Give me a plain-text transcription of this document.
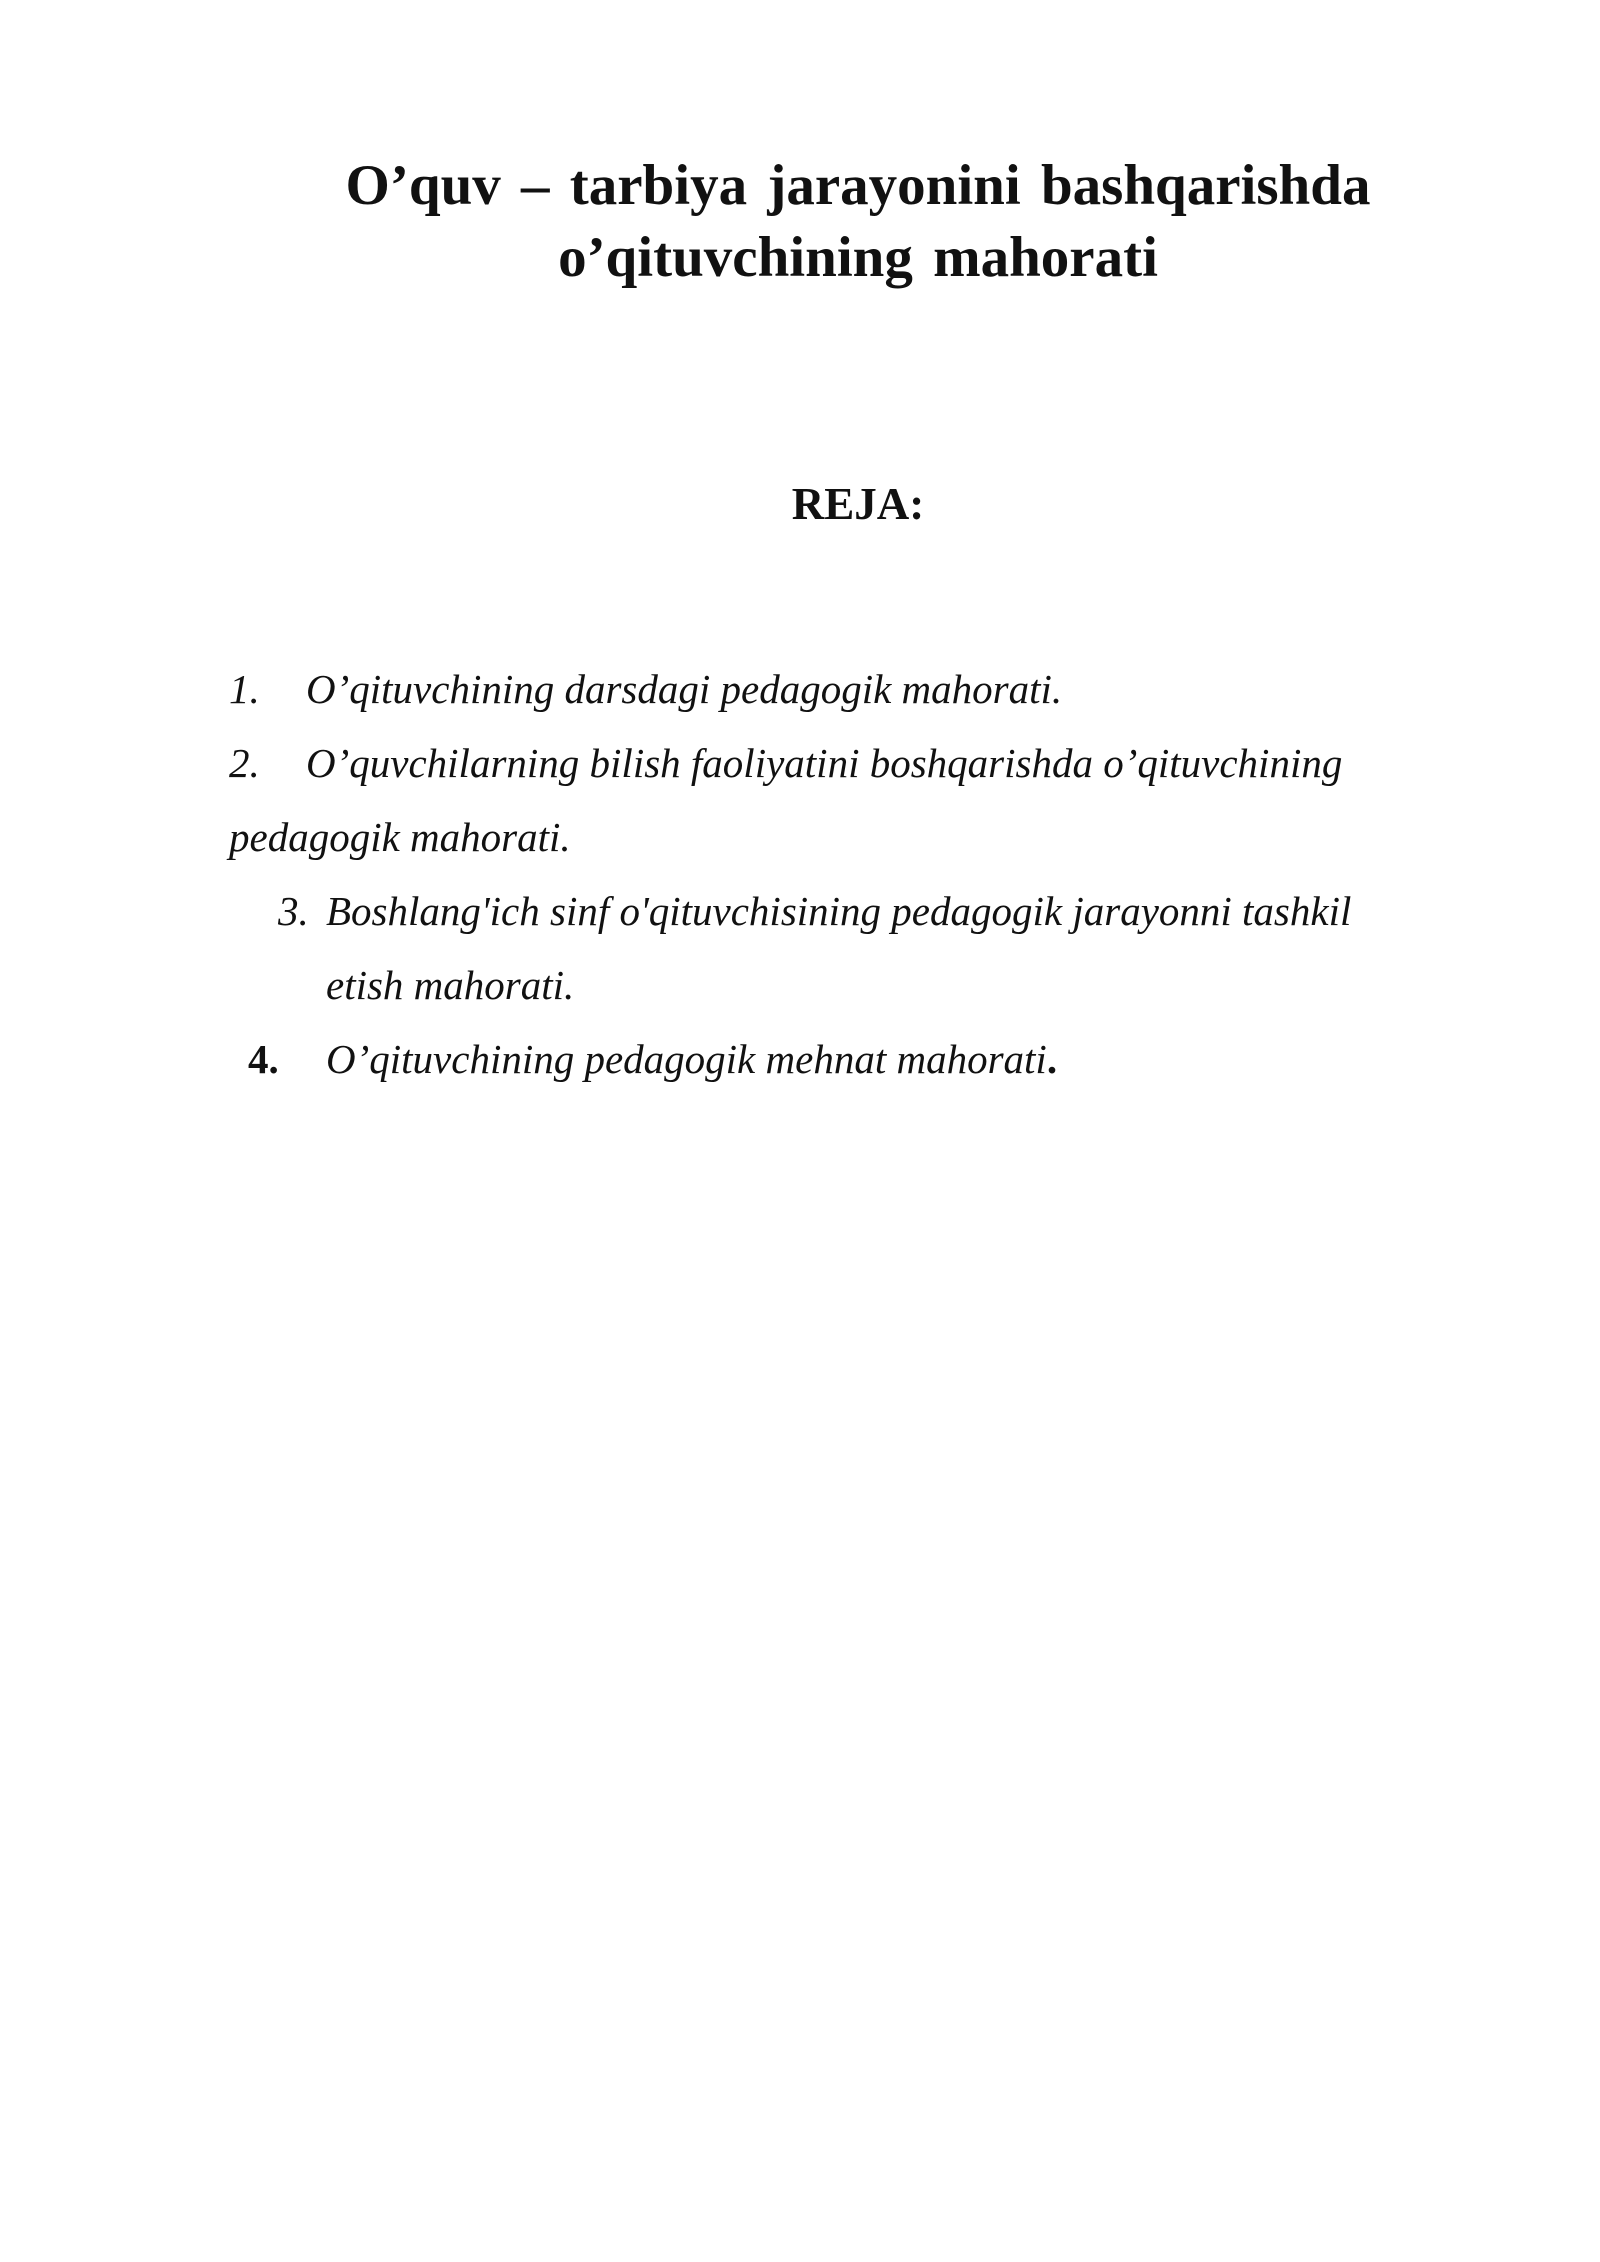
O’quv – tarbiya jarayonini bashqarishda
o’qituvchining mahorati
REJA:
1. O’qituvchining darsdagi pedagogik mahorati.
2. O’quvchilarning bilish faoliyatini boshqarishda o’qituvchining
pedagogik mahorati.
3. Boshlang'ich sinf o'qituvchisining pedagogik jarayonni tashkil
etish mahorati.
4. O’qituvchining pedagogik mehnat mahorati.
